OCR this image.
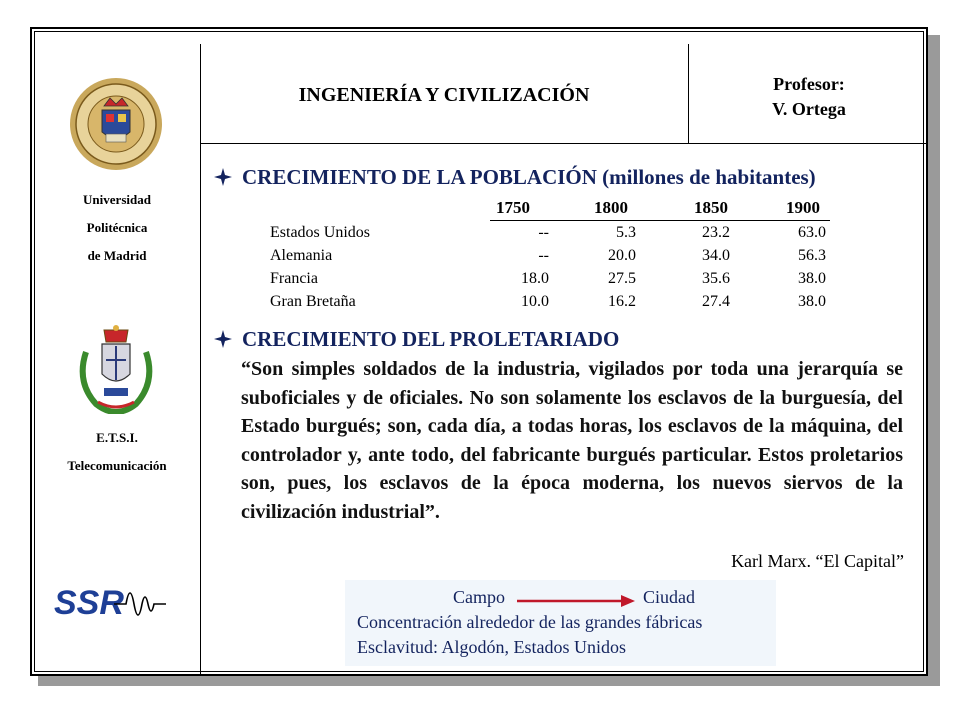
INGENIERÍA Y CIVILIZACIÓN	Profesor:
V. Ortega
Universidad
Politécnica
de Madrid
E.T.S.I.
Telecomunicación
SSR
CRECIMIENTO DE LA POBLACIÓN (millones de habitantes)
1750	1800	1850	1900
Estados Unidos	--	5.3	23.2	63.0
Alemania	--	20.0	34.0	56.3
Francia	18.0	27.5	35.6	38.0
Gran Bretaña	10.0	16.2	27.4	38.0
CRECIMIENTO DEL PROLETARIADO
“Son simples soldados de la industria, vigilados por toda una jerarquía se suboficiales y de oficiales. No son solamente los esclavos de la burguesía, del Estado burgués; son, cada día, a todas horas, los esclavos de la máquina, del controlador y, ante todo, del fabricante burgués particular. Estos proletarios son, pues, los esclavos de la época moderna, los nuevos siervos de la civilización industrial”.
Karl Marx. “El Capital”
Campo	Ciudad
Concentración alrededor de las grandes fábricas
Esclavitud: Algodón, Estados Unidos
